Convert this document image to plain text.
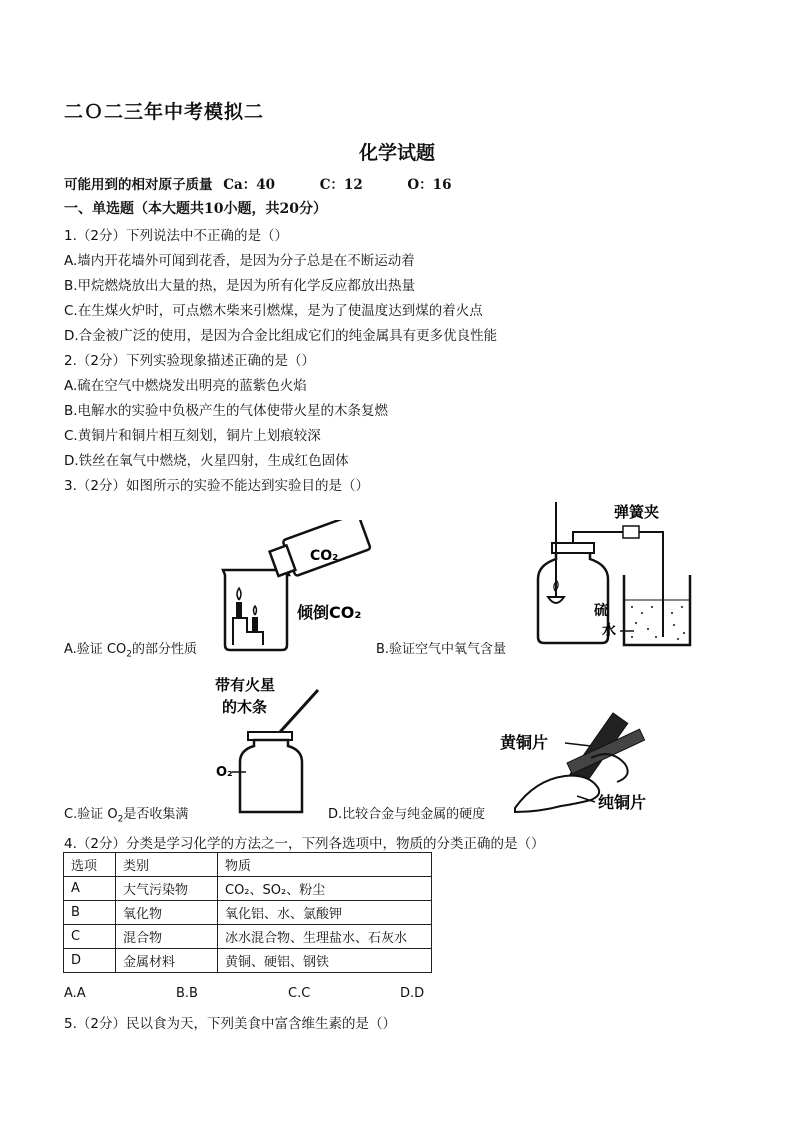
二Ｏ二三年中考模拟二
化学试题
可能用到的相对原子质量 Ca：40	C：12	O：16
一、单选题（本大题共10小题，共20分）
1.（2分）下列说法中不正确的是（）
A.墙内开花墙外可闻到花香，是因为分子总是在不断运动着
B.甲烷燃烧放出大量的热，是因为所有化学反应都放出热量
C.在生煤火炉时，可点燃木柴来引燃煤，是为了使温度达到煤的着火点
D.合金被广泛的使用，是因为合金比组成它们的纯金属具有更多优良性能
2.（2分）下列实验现象描述正确的是（）
A.硫在空气中燃烧发出明亮的蓝紫色火焰
B.电解水的实验中负极产生的气体使带火星的木条复燃
C.黄铜片和铜片相互刻划，铜片上划痕较深
D.铁丝在氧气中燃烧，火星四射，生成红色固体
3.（2分）如图所示的实验不能达到实验目的是（）
CO₂
倾倒CO₂
A.验证 $CO_2$的部分性质
弹簧夹
硫
水
B.验证空气中氧气含量
带有火星
的木条
O₂
C.验证 $O_2$是否收集满
黄铜片
纯铜片
D.比较合金与纯金属的硬度
4.（2分）分类是学习化学的方法之一，下列各选项中，物质的分类正确的是（）
选项	类别	物质
A	大气污染物	CO₂、SO₂、粉尘
B	氧化物	氧化铝、水、氯酸钾
C	混合物	冰水混合物、生理盐水、石灰水
D	金属材料	黄铜、硬铝、钢铁
A.A	B.B	C.C	D.D
5.（2分）民以食为天，下列美食中富含维生素的是（）
